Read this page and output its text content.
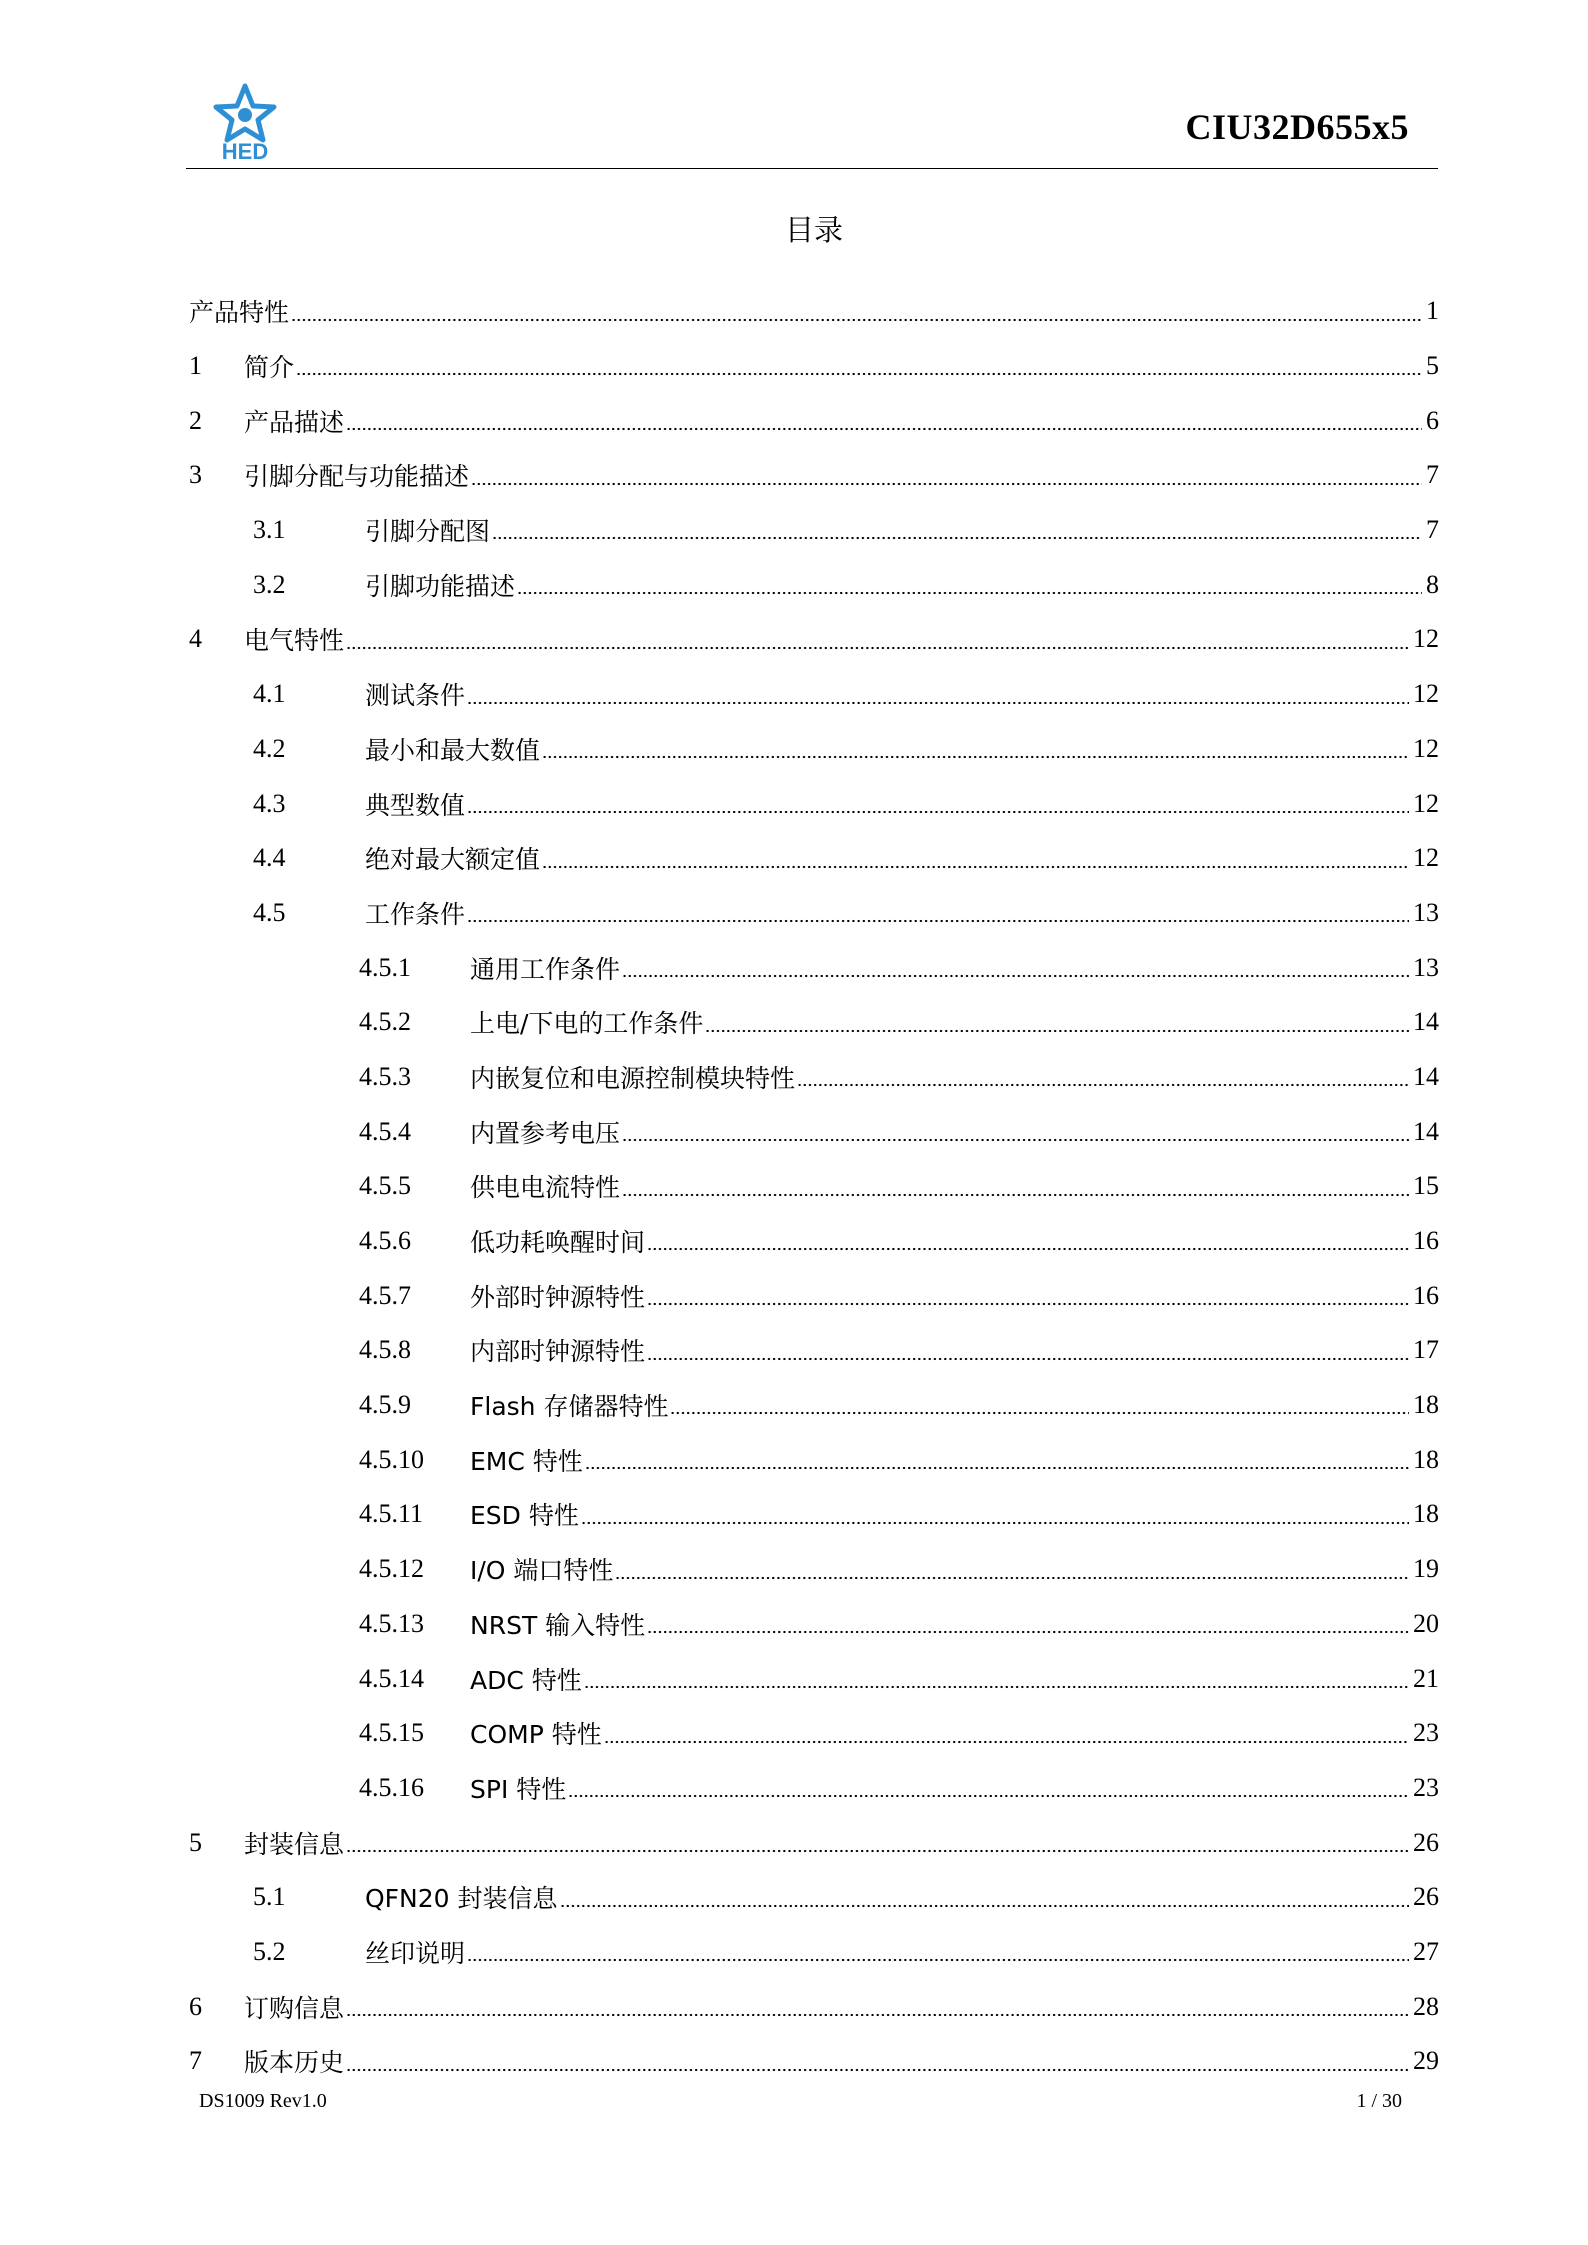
HED
CIU32D655x5
目录
产品特性	1
1	简介	5
2	产品描述	6
3	引脚分配与功能描述	7
3.1	引脚分配图	7
3.2	引脚功能描述	8
4	电气特性	12
4.1	测试条件	12
4.2	最小和最大数值	12
4.3	典型数值	12
4.4	绝对最大额定值	12
4.5	工作条件	13
4.5.1	通用工作条件	13
4.5.2	上电/下电的工作条件	14
4.5.3	内嵌复位和电源控制模块特性	14
4.5.4	内置参考电压	14
4.5.5	供电电流特性	15
4.5.6	低功耗唤醒时间	16
4.5.7	外部时钟源特性	16
4.5.8	内部时钟源特性	17
4.5.9	Flash 存储器特性	18
4.5.10	EMC 特性	18
4.5.11	ESD 特性	18
4.5.12	I/O 端口特性	19
4.5.13	NRST 输入特性	20
4.5.14	ADC 特性	21
4.5.15	COMP 特性	23
4.5.16	SPI 特性	23
5	封装信息	26
5.1	QFN20 封装信息	26
5.2	丝印说明	27
6	订购信息	28
7	版本历史	29
DS1009 Rev1.0	1 / 30
